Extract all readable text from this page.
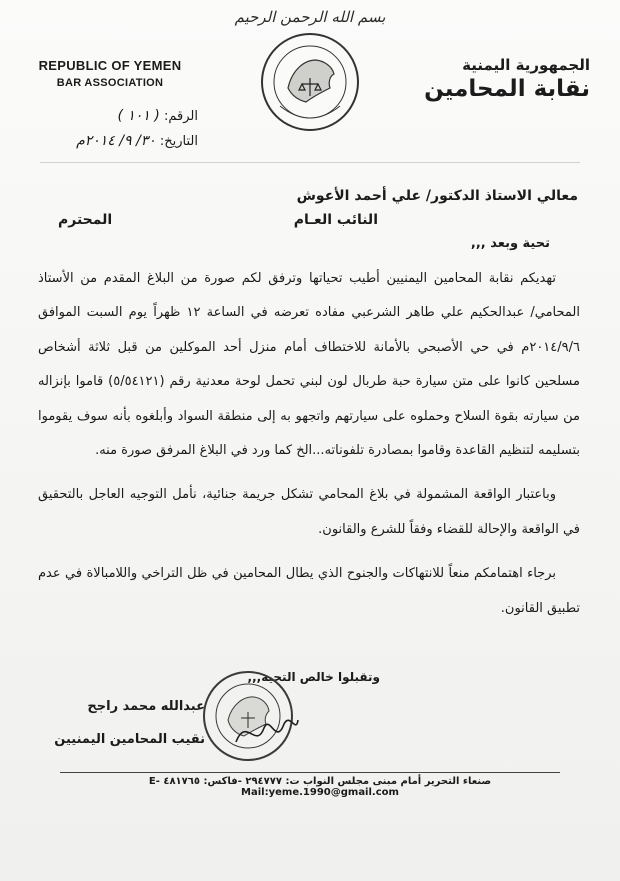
بسم الله الرحمن الرحيم
REPUBLIC OF YEMEN
BAR ASSOCIATION
الجمهورية اليمنية
نقابة المحامين
الرقم: ( ١٠١ )
التاريخ: ٣٠/ ٩/ ٢٠١٤م
معالي الاستاذ الدكتور/ علي أحمد الأعوش
النائب العـام
المحترم
تحية وبعد ,,,

تهديكم نقابة المحامين اليمنيين أطيب تحياتها وترفق لكم صورة من البلاغ المقدم من الأستاذ المحامي/ عبدالحكيم علي طاهر الشرعبي مفاده تعرضه في الساعة ١٢ ظهراً يوم السبت الموافق ٢٠١٤/٩/٦م في حي الأصبحي بالأمانة للاختطاف أمام منزل أحد الموكلين من قبل ثلاثة أشخاص مسلحين كانوا على متن سيارة حبة طربال لون لبني تحمل لوحة معدنية رقم (٥/٥٤١٢١) قاموا بإنزاله من سيارته بقوة السلاح وحملوه على سيارتهم واتجهو به إلى منطقة السواد وأبلغوه بأنه سوف يقوموا بتسليمه لتنظيم القاعدة وقاموا بمصادرة تلفوناته...الخ كما ورد في البلاغ المرفق صورة منه.

وباعتبار الواقعة المشمولة في بلاغ المحامي تشكل جريمة جنائية، نأمل التوجيه العاجل بالتحقيق في الواقعة والإحالة للقضاء وفقاً للشرع والقانون.

برجاء اهتمامكم منعاً للانتهاكات والجنوح الذي يطال المحامين في ظل التراخي واللامبالاة في عدم تطبيق القانون.

وتقبلوا خالص التحية,,,
عبدالله محمد راجح
نقيب المحامين اليمنيين
صنعاء التحرير أمام مبنى مجلس النواب ت: ٢٩٤٧٧٧ -فاكس: ٤٨١٧٦٥ E-Mail:yeme.1990@gmail.com
